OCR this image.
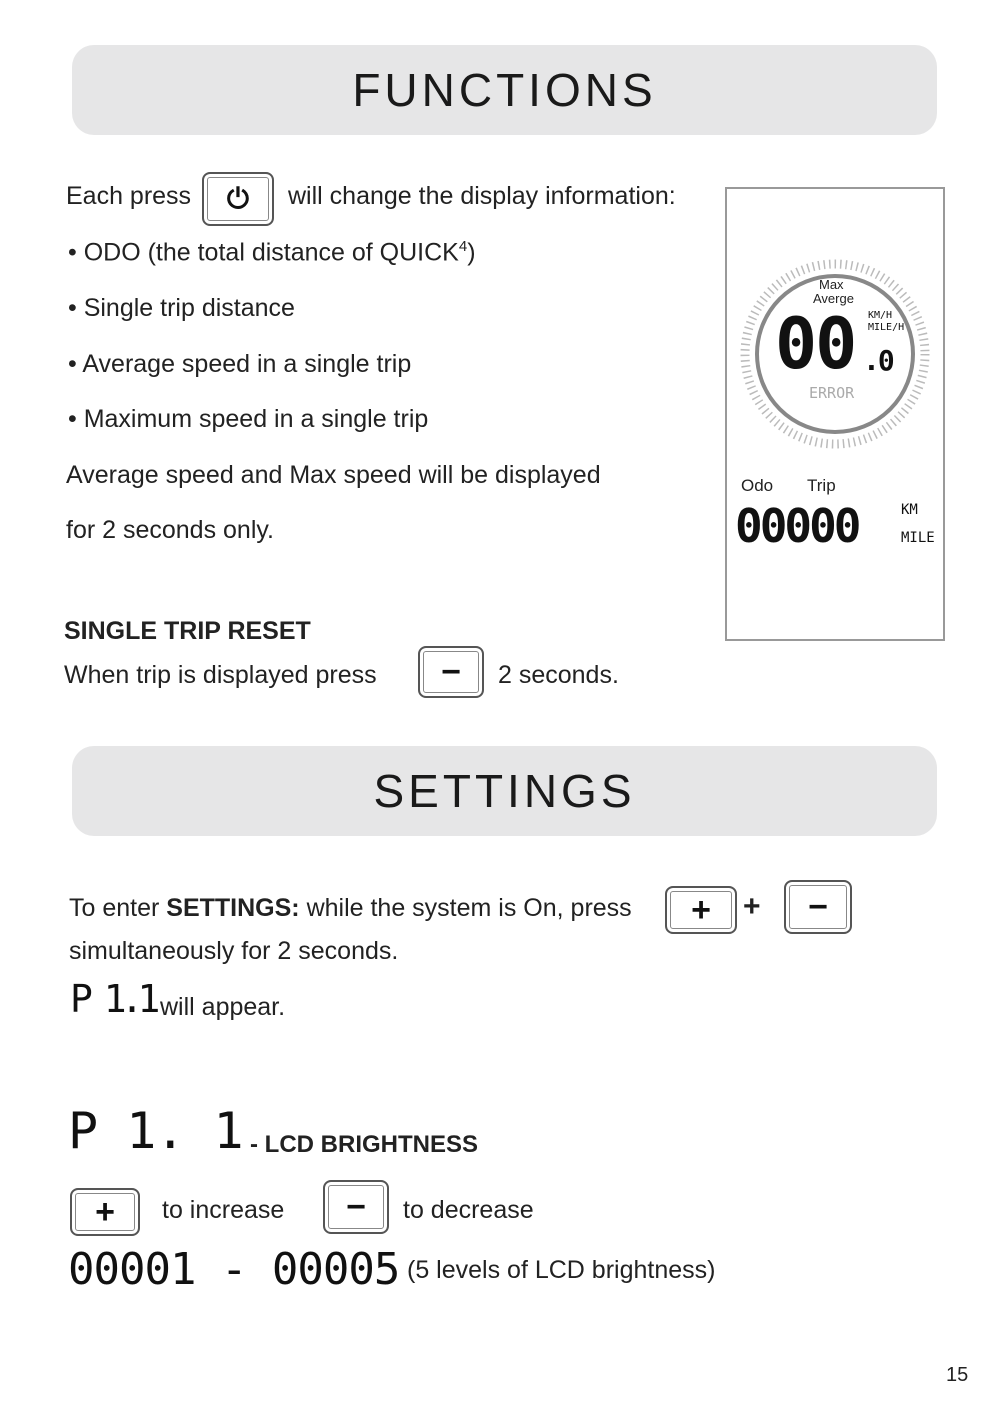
FUNCTIONS
Each press ⏻ will change the display information:
• ODO (the total distance of QUICK$^4$)
• Single trip distance
• Average speed in a single trip
• Maximum speed in a single trip
Average speed and Max speed will be displayed
for 2 seconds only.
SINGLE TRIP RESET
When trip is displayed press	−	2 seconds.
Max
Averge
00 .0
KM/H
MILE/H
ERROR
Odo Trip
00000	KM
MILE
SETTINGS
To enter SETTINGS: while the system is On, press	+	+	−
simultaneously for 2 seconds.
P 1.1 will appear.
P 1. 1 - LCD BRIGHTNESS
+	to increase	−	to decrease
00001 - 00005 (5 levels of LCD brightness)
15
